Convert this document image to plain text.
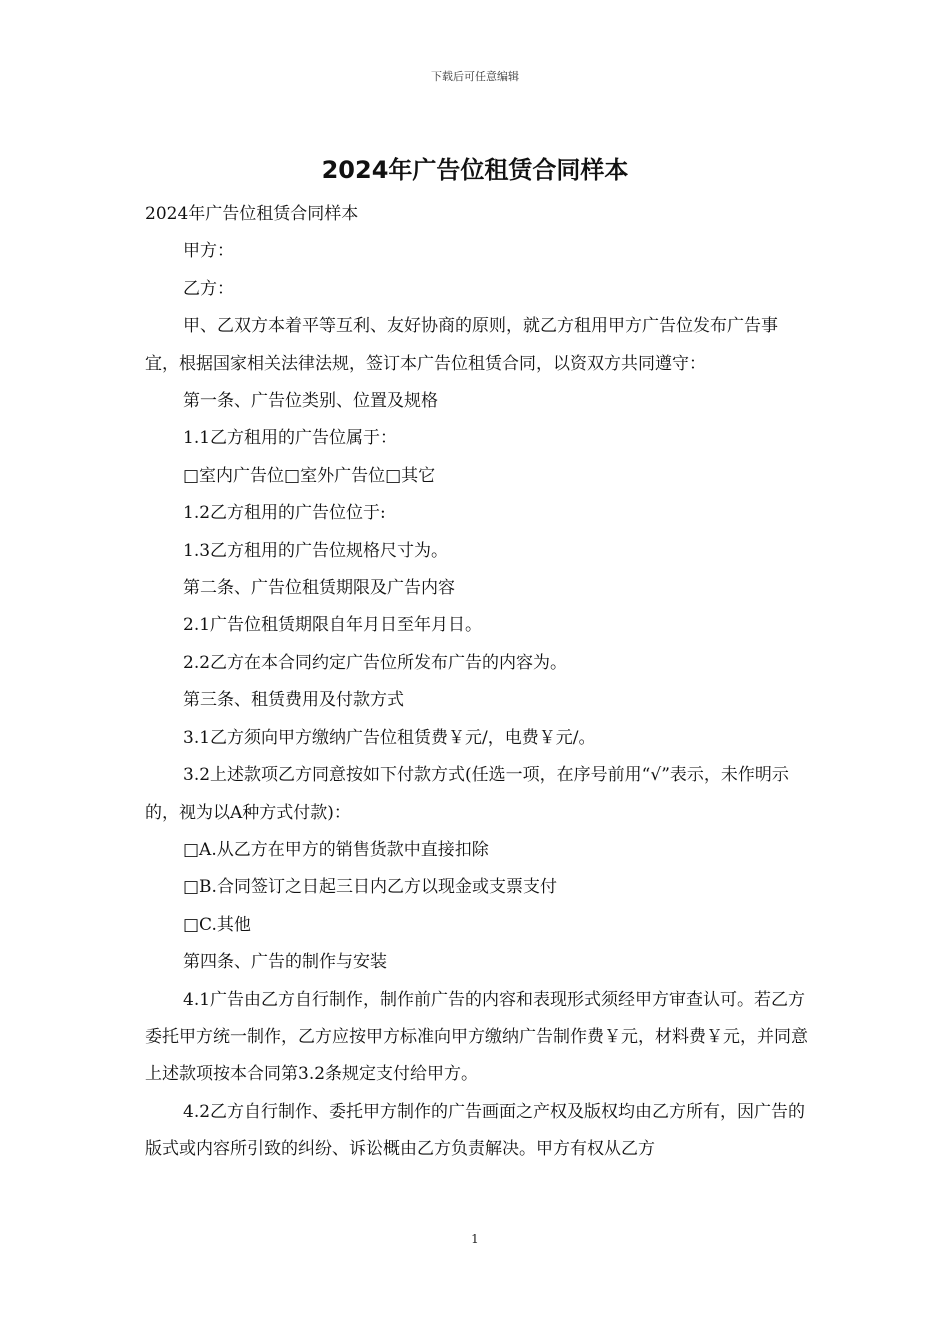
下载后可任意编辑
2024年广告位租赁合同样本

2024年广告位租赁合同样本

甲方：

乙方：

甲、乙双方本着平等互利、友好协商的原则，就乙方租用甲方广告位发布广告事宜，根据国家相关法律法规，签订本广告位租赁合同，以资双方共同遵守：

第一条、广告位类别、位置及规格

1.1乙方租用的广告位属于：

□室内广告位□室外广告位□其它

1.2乙方租用的广告位位于:

1.3乙方租用的广告位规格尺寸为。

第二条、广告位租赁期限及广告内容

2.1广告位租赁期限自年月日至年月日。

2.2乙方在本合同约定广告位所发布广告的内容为。

第三条、租赁费用及付款方式

3.1乙方须向甲方缴纳广告位租赁费￥元/，电费￥元/。

3.2上述款项乙方同意按如下付款方式(任选一项，在序号前用“√”表示，未作明示的，视为以A种方式付款)：

□A.从乙方在甲方的销售货款中直接扣除

□B.合同签订之日起三日内乙方以现金或支票支付

□C.其他

第四条、广告的制作与安装

4.1广告由乙方自行制作，制作前广告的内容和表现形式须经甲方审查认可。若乙方委托甲方统一制作，乙方应按甲方标准向甲方缴纳广告制作费￥元，材料费￥元，并同意上述款项按本合同第3.2条规定支付给甲方。

4.2乙方自行制作、委托甲方制作的广告画面之产权及版权均由乙方所有，因广告的版式或内容所引致的纠纷、诉讼概由乙方负责解决。甲方有权从乙方

1
